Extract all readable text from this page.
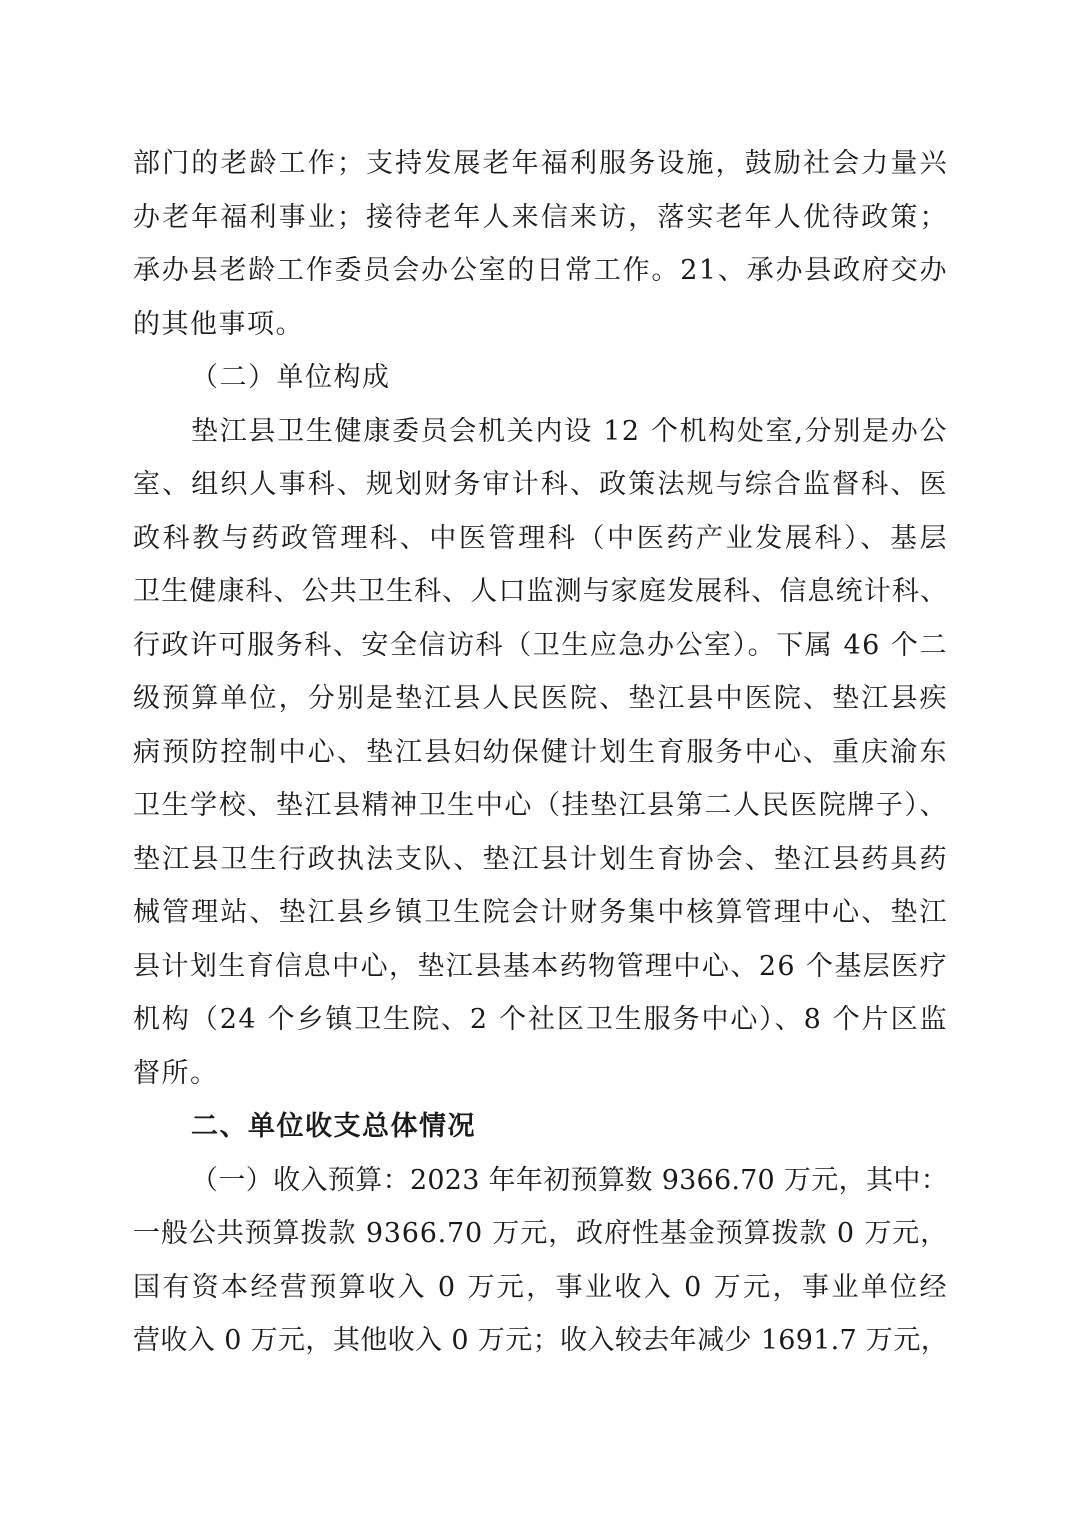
部门的老龄工作；支持发展老年福利服务设施，鼓励社会力量兴
办老年福利事业；接待老年人来信来访，落实老年人优待政策；
承办县老龄工作委员会办公室的日常工作。21、承办县政府交办
的其他事项。
（二）单位构成
垫江县卫生健康委员会机关内设 12 个机构处室,分别是办公
室、组织人事科、规划财务审计科、政策法规与综合监督科、医
政科教与药政管理科、中医管理科（中医药产业发展科）、基层
卫生健康科、公共卫生科、人口监测与家庭发展科、信息统计科、
行政许可服务科、安全信访科（卫生应急办公室）。下属 46 个二
级预算单位，分别是垫江县人民医院、垫江县中医院、垫江县疾
病预防控制中心、垫江县妇幼保健计划生育服务中心、重庆渝东
卫生学校、垫江县精神卫生中心（挂垫江县第二人民医院牌子）、
垫江县卫生行政执法支队、垫江县计划生育协会、垫江县药具药
械管理站、垫江县乡镇卫生院会计财务集中核算管理中心、垫江
县计划生育信息中心，垫江县基本药物管理中心、26 个基层医疗
机构（24 个乡镇卫生院、2 个社区卫生服务中心）、8 个片区监
督所。
二、单位收支总体情况
（一）收入预算：2023 年年初预算数 9366.70 万元，其中：
一般公共预算拨款 9366.70 万元，政府性基金预算拨款 0 万元，
国有资本经营预算收入 0 万元，事业收入 0 万元，事业单位经
营收入 0 万元，其他收入 0 万元；收入较去年减少 1691.7 万元，
